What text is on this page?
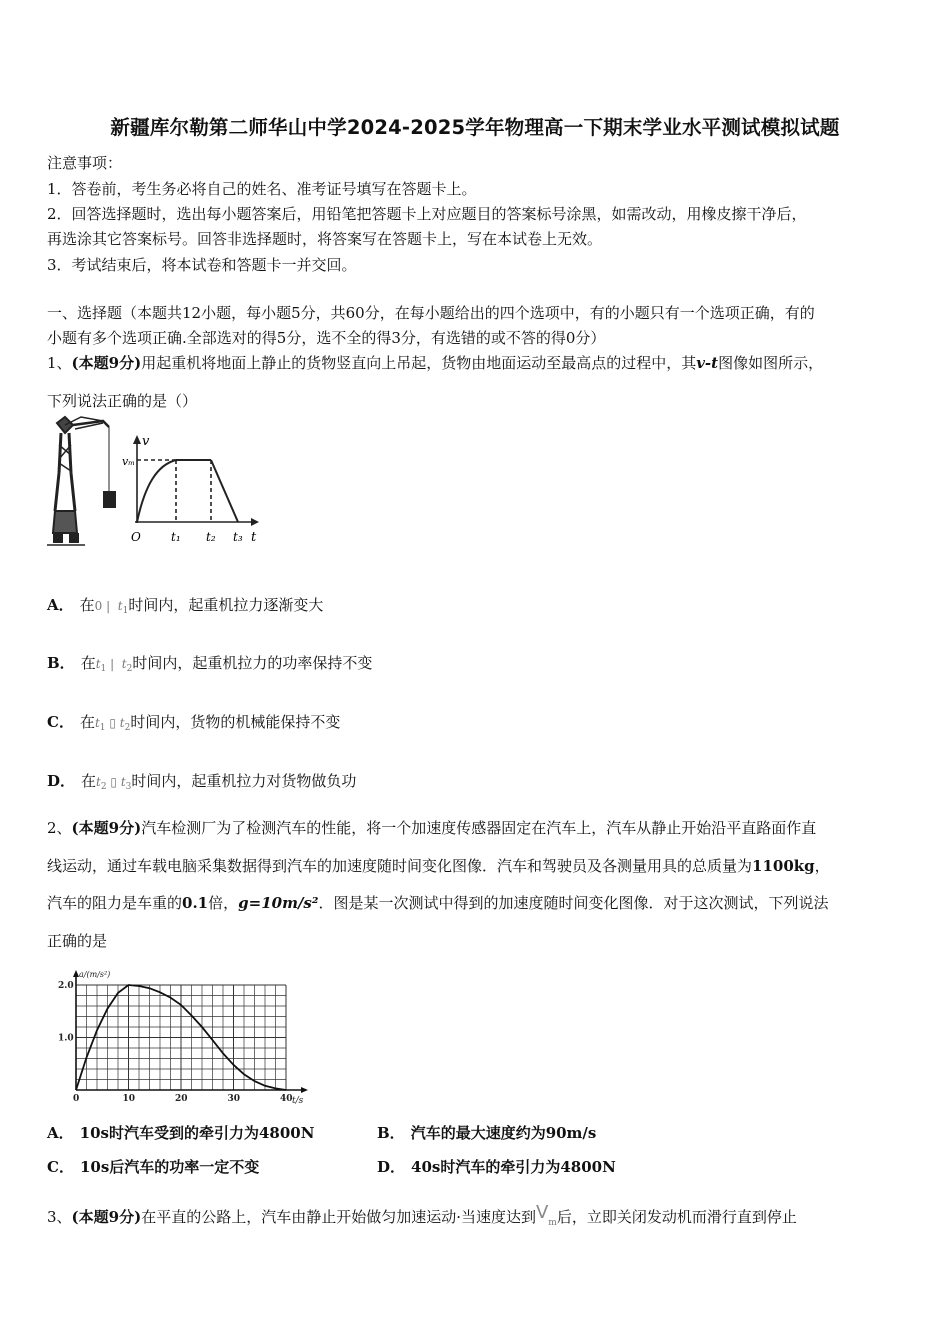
新疆库尔勒第二师华山中学2024-2025学年物理高一下期末学业水平测试模拟试题
注意事项：
1．答卷前，考生务必将自己的姓名、准考证号填写在答题卡上。
2．回答选择题时，选出每小题答案后，用铅笔把答题卡上对应题目的答案标号涂黑，如需改动，用橡皮擦干净后，
再选涂其它答案标号。回答非选择题时，将答案写在答题卡上，写在本试卷上无效。
3．考试结束后，将本试卷和答题卡一并交回。
一、选择题（本题共12小题，每小题5分，共60分，在每小题给出的四个选项中，有的小题只有一个选项正确，有的
小题有多个选项正确.全部选对的得5分，选不全的得3分，有选错的或不答的得0分）
1、(本题9分)用起重机将地面上静止的货物竖直向上吊起，货物由地面运动至最高点的过程中，其v-t图像如图所示，
下列说法正确的是（）
v
vₘ
O	t₁ t₂ t₃ t
A． 在0 |  $t_1$时间内，起重机拉力逐渐变大
B． 在$t_1$ |  $t_2$时间内，起重机拉力的功率保持不变
C． 在$t_1$ ▯ $t_2$时间内，货物的机械能保持不变
D． 在$t_2$ ▯ $t_3$时间内，起重机拉力对货物做负功
2、(本题9分)汽车检测厂为了检测汽车的性能，将一个加速度传感器固定在汽车上，汽车从静止开始沿平直路面作直
线运动，通过车载电脑采集数据得到汽车的加速度随时间变化图像．汽车和驾驶员及各测量用具的总质量为1100kg，
汽车的阻力是车重的0.1倍，g=10m/s²．图是某一次测试中得到的加速度随时间变化图像．对于这次测试，下列说法
正确的是
0	10	20	30	40
1.0
2.0
a/(m/s²)
t/s
A． 10s时汽车受到的牵引力为4800N	B． 汽车的最大速度约为90m/s
C． 10s后汽车的功率一定不变	D． 40s时汽车的牵引力为4800N
3、(本题9分)在平直的公路上，汽车由静止开始做匀加速运动·当速度达到$V_m$后，立即关闭发动机而滑行直到停止
